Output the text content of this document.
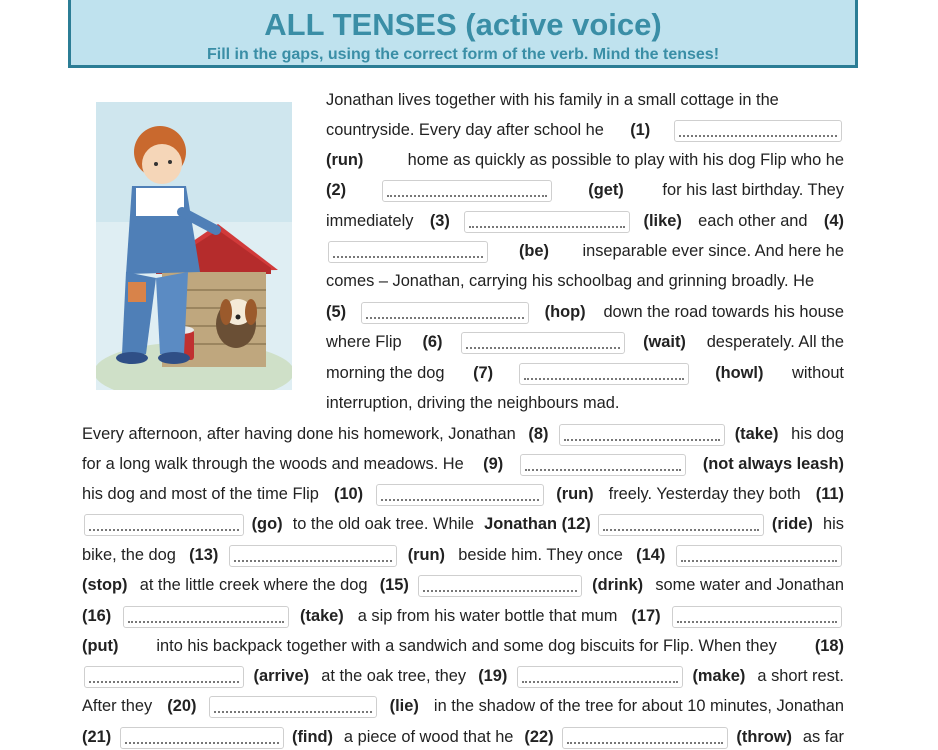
ALL TENSES (active voice)
Fill in the gaps, using the correct form of the verb. Mind the tenses!
Jonathan lives together with his family in a small cottage in the
countryside. Every day after school he (1)
(run) home as quickly as possible to play with his dog Flip who he
(2)	(get) for his last birthday. They
immediately (3)	(like) each other and (4)
(be) inseparable ever since. And here he
comes – Jonathan, carrying his schoolbag and grinning broadly. He
(5)	(hop) down the road towards his house
where Flip (6)	(wait) desperately. All the
morning the dog (7)	(howl) without
interruption, driving the neighbours mad.
Every afternoon, after having done his homework, Jonathan (8)	(take) his dog
for a long walk through the woods and meadows. He (9)	(not always leash)
his dog and most of the time Flip (10)	(run) freely. Yesterday they both (11)
(go) to the old oak tree. While Jonathan (12)	(ride) his
bike, the dog (13)	(run) beside him. They once (14)
(stop) at the little creek where the dog (15)	(drink) some water and Jonathan
(16)	(take) a sip from his water bottle that mum (17)
(put) into his backpack together with a sandwich and some dog biscuits for Flip. When they (18)
(arrive) at the oak tree, they (19)	(make) a short rest.
After they (20)	(lie) in the shadow of the tree for about 10 minutes, Jonathan
(21)	(find) a piece of wood that he (22)	(throw) as far
